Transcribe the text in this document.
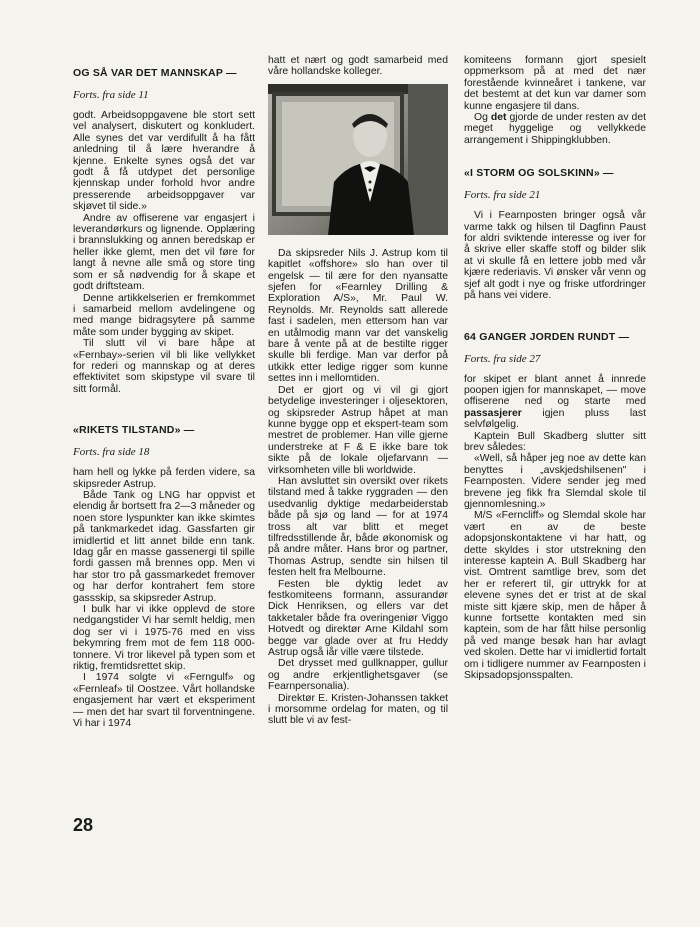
OG SÅ VAR DET MANNSKAP —
Forts. fra side 11

godt. Arbeidsoppgavene ble stort sett vel analysert, diskutert og konkludert. Alle synes det var verdifullt å ha fått anledning til å lære hverandre å kjenne. Enkelte synes også det var godt å få utdypet det personlige kjennskap under forhold hvor andre presserende arbeidsoppgaver var skjøvet til side.»

Andre av offiserene var engasjert i leverandørkurs og lignende. Opplæring i brannslukking og annen beredskap er heller ikke glemt, men det vil føre for langt å nevne alle små og store ting som er så nødvendig for å skape et godt driftsteam.

Denne artikkelserien er fremkommet i samarbeid mellom avdelingene og med mange bidragsytere på samme måte som under bygging av skipet.

Til slutt vil vi bare håpe at «Fernbay»-serien vil bli like vellykket for rederi og mannskap og at deres effektivitet som skipstype vil svare til sitt formål.

«RIKETS TILSTAND» —
Forts. fra side 18

ham hell og lykke på ferden videre, sa skipsreder Astrup.

Både Tank og LNG har oppvist et elendig år bortsett fra 2—3 måneder og noen store lyspunkter kan ikke skimtes på tankmarkedet idag. Gassfarten gir imidlertid et litt annet bilde enn tank. Idag går en masse gassenergi til spille fordi gassen må brennes opp. Men vi har stor tro på gassmarkedet fremover og har derfor kontrahert fem store gassskip, sa skipsreder Astrup.

I bulk har vi ikke opplevd de store nedgangstider Vi har semlt heldig, men dog ser vi i 1975-76 med en viss bekymring frem mot de fem 118 000-tonnere. Vi tror likevel på typen som et riktig, fremtidsrettet skip.

I 1974 solgte vi «Ferngulf» og «Fernleaf» til Oostzee. Vårt hollandske engasjement har vært et eksperiment — men det har svart til forventningene. Vi har i 1974

hatt et nært og godt samarbeid med våre hollandske kolleger.

Da skipsreder Nils J. Astrup kom til kapitlet «offshore» slo han over til engelsk — til ære for den nyansatte sjefen for «Fearnley Drilling & Exploration A/S», Mr. Paul W. Reynolds. Mr. Reynolds satt allerede fast i sadelen, men ettersom han var en utålmodig mann var det vanskelig bare å vente på at de bestilte rigger skulle bli ferdige. Man var derfor på utkikk etter ledige rigger som kunne settes inn i mellomtiden.

Det er gjort og vi vil gi gjort betydelige investeringer i oljesektoren, og skipsreder Astrup håpet at man kunne bygge opp et ekspert-team som mestret de problemer. Han ville gjerne understreke at F & E ikke bare tok sikte på de lokale oljefarvann — virksomheten ville bli worldwide.

Han avsluttet sin oversikt over rikets tilstand med å takke ryggraden — den usedvanlig dyktige medarbeiderstab både på sjø og land — for at 1974 tross alt var blitt et meget tilfredsstillende år, både økonomisk og på andre måter. Hans bror og partner, Thomas Astrup, sendte sin hilsen til festen helt fra Melbourne.

Festen ble dyktig ledet av festkomiteens formann, assurandør Dick Henriksen, og ellers var det takketaler både fra overingeniør Viggo Hotvedt og direktør Arne Kildahl som begge var glade over at fru Heddy Astrup også iår ville være tilstede.

Det drysset med gullknapper, gullur og andre erkjentlighetsgaver (se Fearnpersonalia).

Direktør E. Kristen-Johanssen takket i morsomme ordelag for maten, og til slutt ble vi av fest-

komiteens formann gjort spesielt oppmerksom på at med det nær forestående kvinneåret i tankene, var det bestemt at det kun var damer som kunne engasjere til dans.

Og det gjorde de under resten av det meget hyggelige og vellykkede arrangement i Shippingklubben.

«I STORM OG SOLSKINN» —
Forts. fra side 21

Vi i Fearnposten bringer også vår varme takk og hilsen til Dagfinn Paust for aldri sviktende interesse og iver for å skrive eller skaffe stoff og bilder slik at vi skulle få en lettere jobb med vår kjære rederiavis. Vi ønsker vår venn og sjef alt godt i nye og friske utfordringer på hans vei videre.

64 GANGER JORDEN RUNDT —
Forts. fra side 27

for skipet er blant annet å innrede poopen igjen for mannskapet, — move offiserene ned og starte med passasjerer igjen pluss last selvfølgelig.

Kaptein Bull Skadberg slutter sitt brev således:

«Well, så håper jeg noe av dette kan benyttes i „avskjedshilsenen" i Fearnposten. Videre sender jeg med brevene jeg fikk fra Slemdal skole til gjennomlesning.»

M/S «Ferncliff» og Slemdal skole har vært en av de beste adopsjonskontaktene vi har hatt, og dette skyldes i stor utstrekning den interesse kaptein A. Bull Skadberg har vist. Omtrent samtlige brev, som det her er referert til, gir uttrykk for at elevene synes det er trist at de skal miste sitt kjære skip, men de håper å kunne fortsette kontakten med sin kaptein, som de har fått hilse personlig på ved mange besøk han har avlagt ved skolen. Dette har vi imidlertid fortalt om i tidligere nummer av Fearnposten i Skipsadopsjonsspalten.

28
